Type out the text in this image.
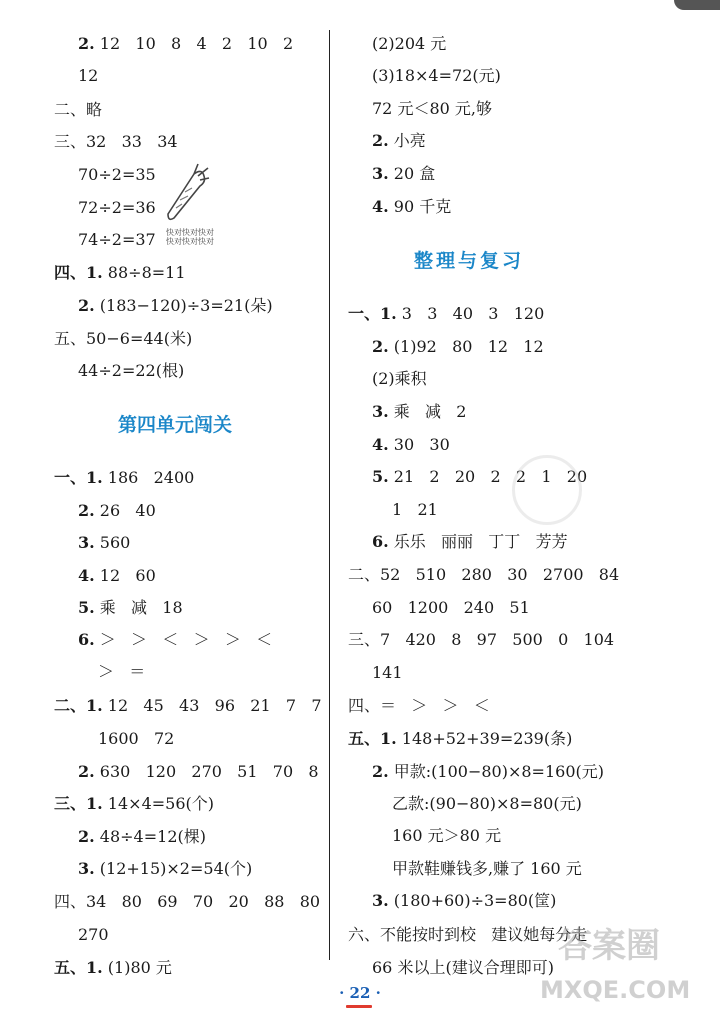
2. 12   10   8   4   2   10   2
12
二、略
三、32   33   34
70÷2=35
72÷2=36
74÷2=37
四、1. 88÷8=11
2. (183−120)÷3=21(朵)
五、50−6=44(米)
44÷2=22(根)
一、1. 186   2400
2. 26   40
3. 560
4. 12   60
5. 乘   减   18
6. ＞   ＞   ＜   ＞   ＞   ＜
＞   ＝
二、1. 12   45   43   96   21   7   7
1600   72
2. 630   120   270   51   70   8
三、1. 14×4=56(个)
2. 48÷4=12(棵)
3. (12+15)×2=54(个)
四、34   80   69   70   20   88   80
270
五、1. (1)80 元
(2)204 元
(3)18×4=72(元)
72 元＜80 元,够
2. 小亮
3. 20 盒
4. 90 千克
一、1. 3   3   40   3   120
2. (1)92   80   12   12
(2)乘积
3. 乘   减   2
4. 30   30
5. 21   2   20   2   2   1   20
1   21
6. 乐乐   丽丽   丁丁   芳芳
二、52   510   280   30   2700   84
60   1200   240   51
三、7   420   8   97   500   0   104
141
四、＝   ＞   ＞   ＜
五、1. 148+52+39=239(条)
2. 甲款:(100−80)×8=160(元)
乙款:(90−80)×8=80(元)
160 元＞80 元
甲款鞋赚钱多,赚了 160 元
3. (180+60)÷3=80(筐)
六、不能按时到校   建议她每分走
66 米以上(建议合理即可)
第四单元闯关
整理与复习
快对快对快对
快对快对快对
答案圈
MXQE.COM
· 22 ·
